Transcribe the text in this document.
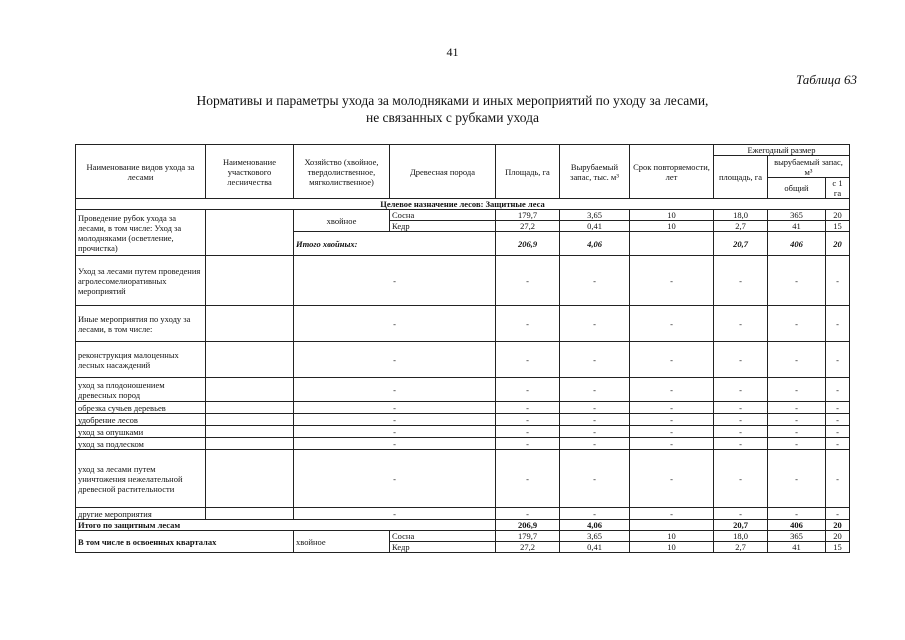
41
Таблица 63
Нормативы и параметры ухода за молодняками и иных мероприятий по уходу за лесами,
не связанных с рубками ухода
Наименование видов ухода за лесами	Наименование участкового лесничества	Хозяйство (хвойное, твердолиственное, мягколиственное)	Древесная порода	Площадь, га	Вырубаемый запас, тыс. м³	Срок повторяемости, лет	Ежегодный размер		
							площадь, га	вырубаемый запас, м³	
								общий	с 1 га
Целевое назначение лесов: Защитные леса									
Проведение рубок ухода за лесами, в том числе: Уход за молодняками (осветление, прочистка)		хвойное	Сосна	179,7	3,65	10	18,0	365	20
			Кедр	27,2	0,41	10	2,7	41	15
		Итого хвойных:		206,9	4,06		20,7	406	20
Уход за лесами путем проведения агролесомелиоративных мероприятий		-		-	-	-	-	-	-
Иные мероприятия по уходу за лесами, в том числе:		-		-	-	-	-	-	-
реконструкция малоценных лесных насаждений		-		-	-	-	-	-	-
уход за плодоношением древесных пород		-		-	-	-	-	-	-
обрезка сучьев деревьев		-		-	-	-	-	-	-
удобрение лесов		-		-	-	-	-	-	-
уход за опушками		-		-	-	-	-	-	-
уход за подлеском		-		-	-	-	-	-	-
уход за лесами путем уничтожения нежелательной древесной растительности		-		-	-	-	-	-	-
другие мероприятия		-		-	-	-	-	-	-
Итого по защитным лесам				206,9	4,06		20,7	406	20
В том числе в освоенных кварталах		хвойное	Сосна	179,7	3,65	10	18,0	365	20
			Кедр	27,2	0,41	10	2,7	41	15
